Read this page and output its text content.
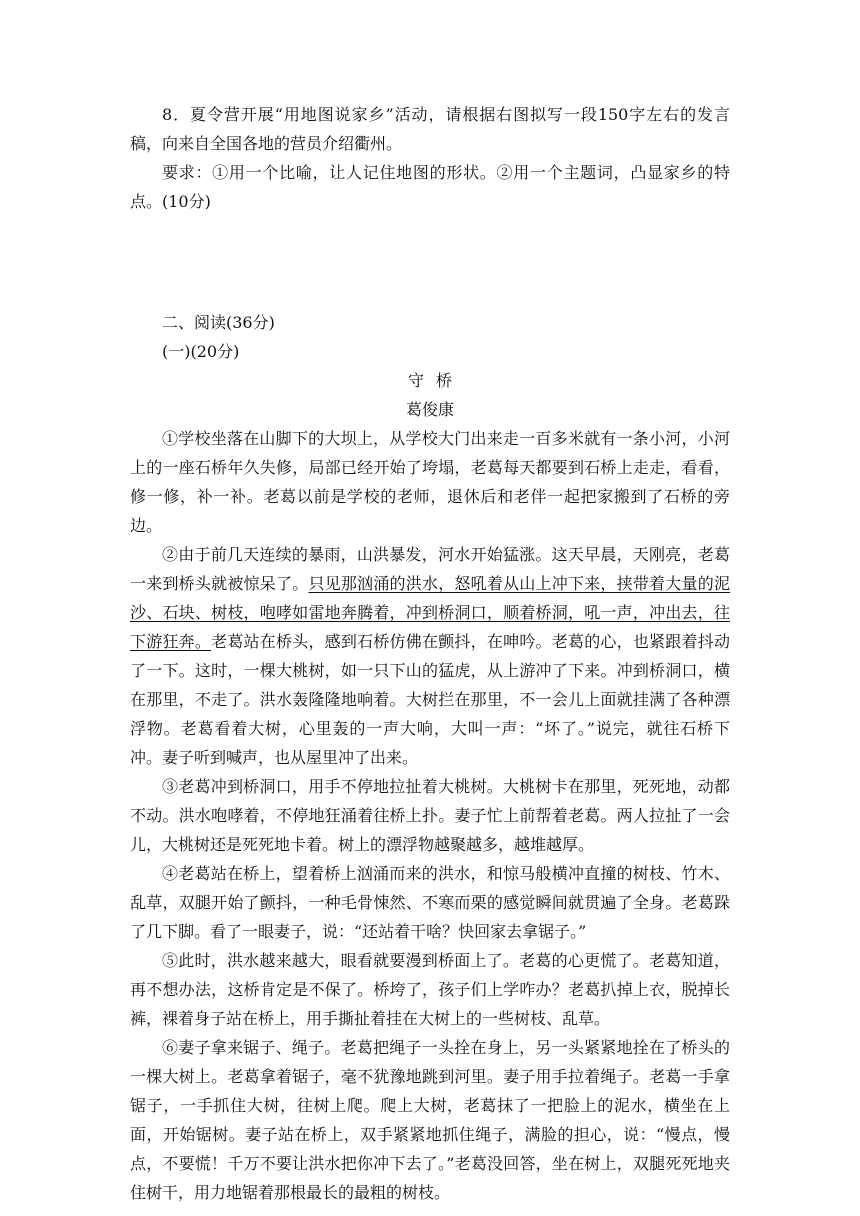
8．夏令营开展“用地图说家乡”活动，请根据右图拟写一段150字左右的发言稿，向来自全国各地的营员介绍衢州。

要求：①用一个比喻，让人记住地图的形状。②用一个主题词，凸显家乡的特点。(10分)

二、阅读(36分)

(一)(20分)

守桥

葛俊康

①学校坐落在山脚下的大坝上，从学校大门出来走一百多米就有一条小河，小河上的一座石桥年久失修，局部已经开始了垮塌，老葛每天都要到石桥上走走，看看，修一修，补一补。老葛以前是学校的老师，退休后和老伴一起把家搬到了石桥的旁边。

②由于前几天连续的暴雨，山洪暴发，河水开始猛涨。这天早晨，天刚亮，老葛一来到桥头就被惊呆了。只见那汹涌的洪水，怒吼着从山上冲下来，挟带着大量的泥沙、石块、树枝，咆哮如雷地奔腾着，冲到桥洞口，顺着桥洞，吼一声，冲出去，往下游狂奔。老葛站在桥头，感到石桥仿佛在颤抖，在呻吟。老葛的心，也紧跟着抖动了一下。这时，一棵大桃树，如一只下山的猛虎，从上游冲了下来。冲到桥洞口，横在那里，不走了。洪水轰隆隆地响着。大树拦在那里，不一会儿上面就挂满了各种漂浮物。老葛看着大树，心里轰的一声大响，大叫一声：“坏了。”说完，就往石桥下冲。妻子听到喊声，也从屋里冲了出来。

③老葛冲到桥洞口，用手不停地拉扯着大桃树。大桃树卡在那里，死死地，动都不动。洪水咆哮着，不停地狂涌着往桥上扑。妻子忙上前帮着老葛。两人拉扯了一会儿，大桃树还是死死地卡着。树上的漂浮物越聚越多，越堆越厚。

④老葛站在桥上，望着桥上汹涌而来的洪水，和惊马般横冲直撞的树枝、竹木、乱草，双腿开始了颤抖，一种毛骨悚然、不寒而栗的感觉瞬间就贯遍了全身。老葛跺了几下脚。看了一眼妻子，说：“还站着干啥？快回家去拿锯子。”

⑤此时，洪水越来越大，眼看就要漫到桥面上了。老葛的心更慌了。老葛知道，再不想办法，这桥肯定是不保了。桥垮了，孩子们上学咋办？老葛扒掉上衣，脱掉长裤，裸着身子站在桥上，用手撕扯着挂在大树上的一些树枝、乱草。

⑥妻子拿来锯子、绳子。老葛把绳子一头拴在身上，另一头紧紧地拴在了桥头的一棵大树上。老葛拿着锯子，毫不犹豫地跳到河里。妻子用手拉着绳子。老葛一手拿锯子，一手抓住大树，往树上爬。爬上大树，老葛抹了一把脸上的泥水，横坐在上面，开始锯树。妻子站在桥上，双手紧紧地抓住绳子，满脸的担心，说：“慢点，慢点，不要慌！千万不要让洪水把你冲下去了。”老葛没回答，坐在树上，双腿死死地夹住树干，用力地锯着那根最长的最粗的树枝。
